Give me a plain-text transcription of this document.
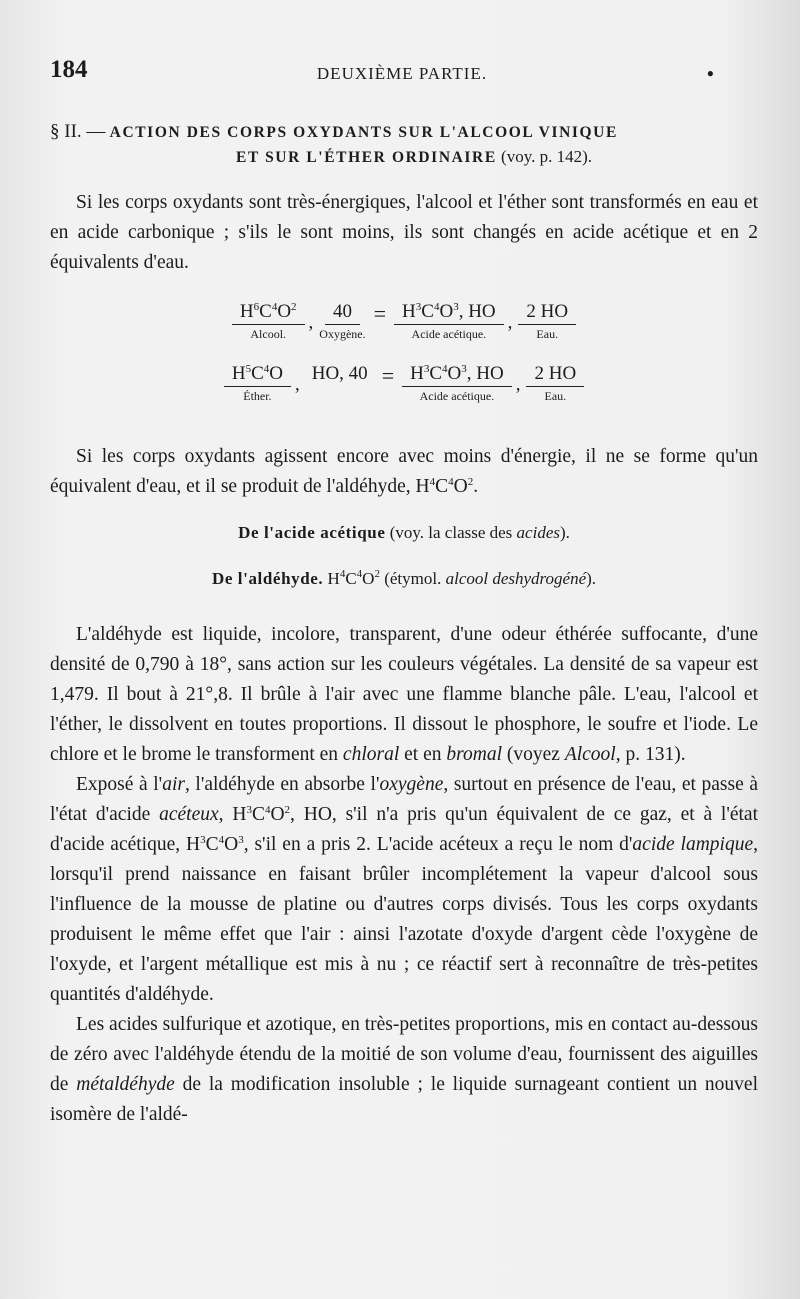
184	DEUXIÈME PARTIE.	●
§ II. — ACTION DES CORPS OXYDANTS SUR L'ALCOOL VINIQUE
ET SUR L'ÉTHER ORDINAIRE (voy. p. 142).

Si les corps oxydants sont très-énergiques, l'alcool et l'éther sont transformés en eau et en acide carbonique ; s'ils le sont moins, ils sont changés en acide acétique et en 2 équivalents d'eau.

$H^6C^4O^2$
Alcool.
,
40
Oxygène.
= $H^3C^4O^3$, HO
Acide acétique.
,
2 HO
Eau.
$H^5C^4O$
Éther.
,
HO, $40 = H^3C^4O^3$, HO
Acide acétique.
,
2 HO
Eau.

Si les corps oxydants agissent encore avec moins d'énergie, il ne se forme qu'un équivalent d'eau, et il se produit de l'aldéhyde, $H^4C^4O^2$.

De l'acide acétique (voy. la classe des acides).
De l'aldéhyde. $H^4C^4O^2$ (étymol. alcool deshydrogéné).

L'aldéhyde est liquide, incolore, transparent, d'une odeur éthérée suffocante, d'une densité de 0,790 à 18°, sans action sur les couleurs végétales. La densité de sa vapeur est 1,479. Il bout à 21°,8. Il brûle à l'air avec une flamme blanche pâle. L'eau, l'alcool et l'éther, le dissolvent en toutes proportions. Il dissout le phosphore, le soufre et l'iode. Le chlore et le brome le transforment en chloral et en bromal (voyez Alcool, p. 131).

Exposé à l'air, l'aldéhyde en absorbe l'oxygène, surtout en présence de l'eau, et passe à l'état d'acide acéteux, $H^3C^4O^2$, HO, s'il n'a pris qu'un équivalent de ce gaz, et à l'état d'acide acétique, $H^3C^4O^3$, s'il en a pris 2. L'acide acéteux a reçu le nom d'acide lampique, lorsqu'il prend naissance en faisant brûler incomplétement la vapeur d'alcool sous l'influence de la mousse de platine ou d'autres corps divisés. Tous les corps oxydants produisent le même effet que l'air : ainsi l'azotate d'oxyde d'argent cède l'oxygène de l'oxyde, et l'argent métallique est mis à nu ; ce réactif sert à reconnaître de très-petites quantités d'aldéhyde.

Les acides sulfurique et azotique, en très-petites proportions, mis en contact au-dessous de zéro avec l'aldéhyde étendu de la moitié de son volume d'eau, fournissent des aiguilles de métaldéhyde de la modification insoluble ; le liquide surnageant contient un nouvel isomère de l'aldé-
